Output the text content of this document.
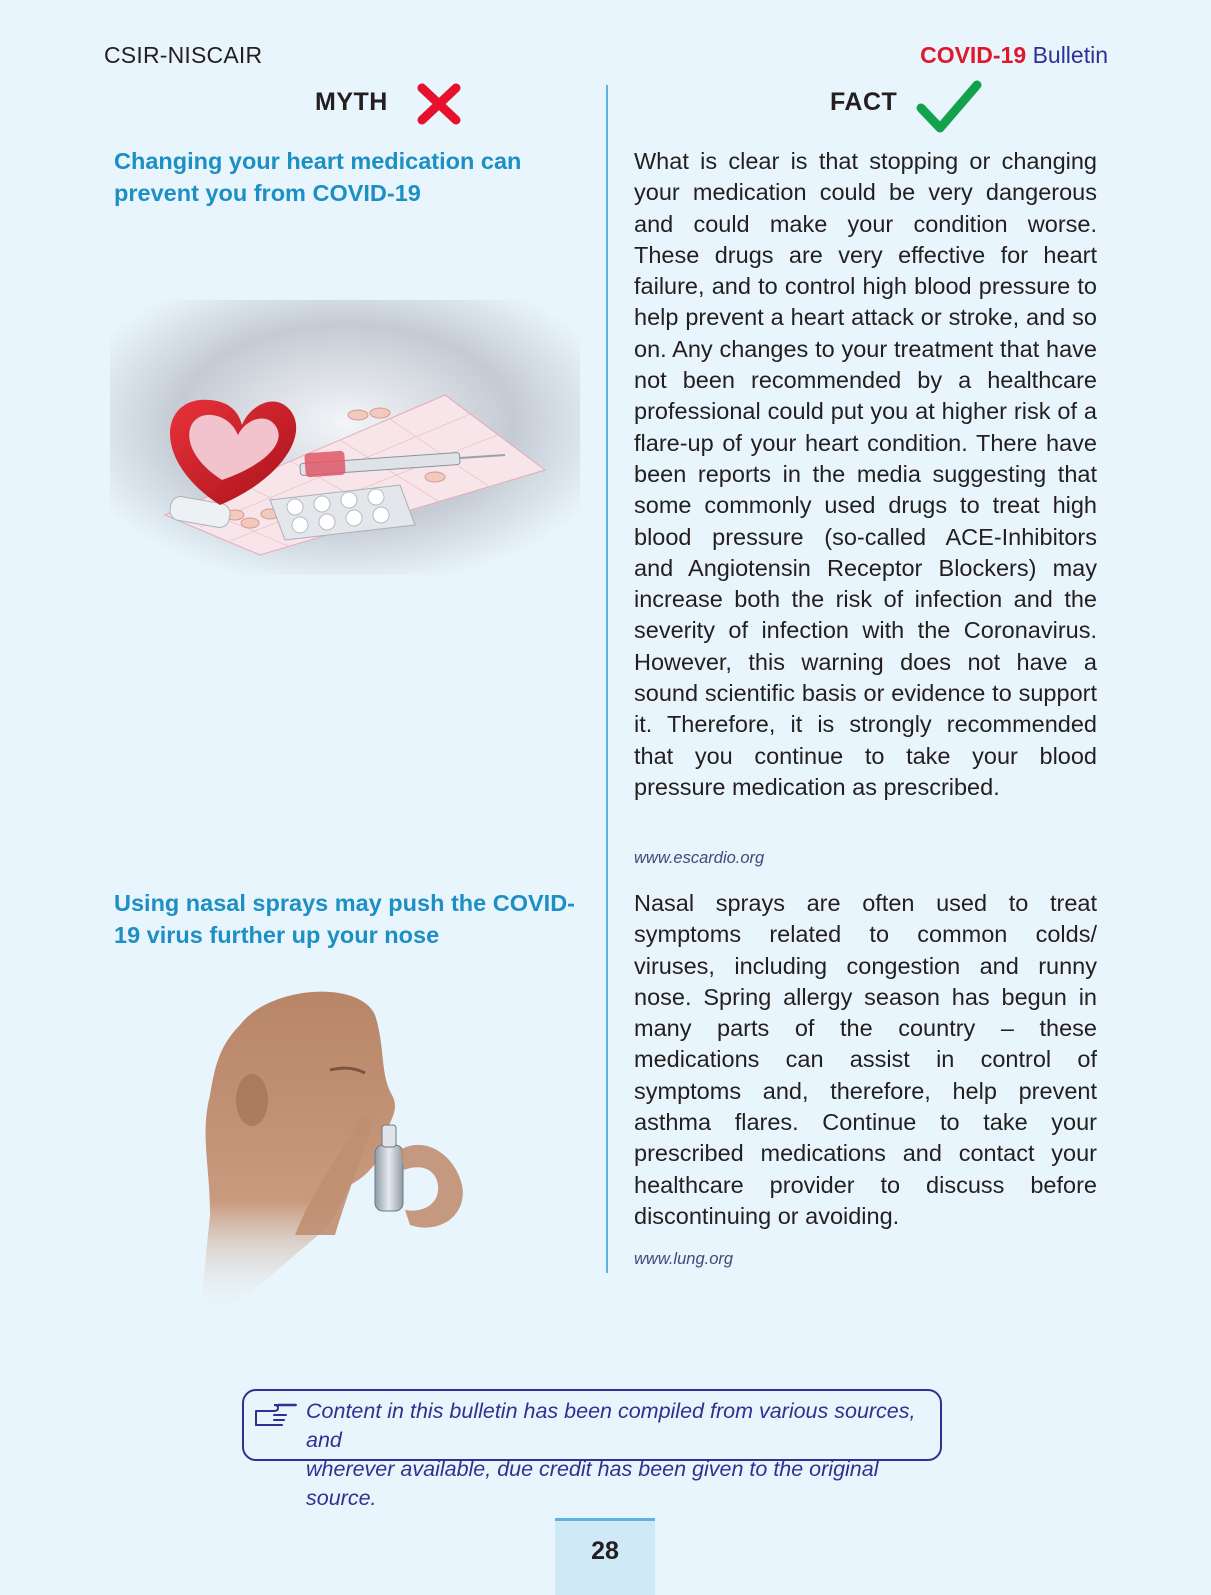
CSIR-NISCAIR	COVID-19 Bulletin
MYTH	FACT
Changing your heart medication can prevent you from COVID-19
What is clear is that stopping or changing your medication could be very dangerous and could make your condition worse. These drugs are very effective for heart failure, and to control high blood pressure to help prevent a heart attack or stroke, and so on. Any changes to your treatment that have not been recommended by a healthcare professional could put you at higher risk of a flare-up of your heart condition. There have been reports in the media suggesting that some commonly used drugs to treat high blood pressure (so-called ACE-Inhibitors and Angiotensin Receptor Blockers) may increase both the risk of infection and the severity of infection with the Coronavirus. However, this warning does not have a sound scientific basis or evidence to support it. Therefore, it is strongly recommended that you continue to take your blood pressure medication as prescribed.
www.escardio.org
Using nasal sprays may push the COVID-19 virus further up your nose
Nasal sprays are often used to treat symptoms related to common colds/ viruses, including congestion and runny nose. Spring allergy season has begun in many parts of the country – these medications can assist in control of symptoms and, therefore, help prevent asthma flares. Continue to take your prescribed medications and contact your healthcare provider to discuss before discontinuing or avoiding.
www.lung.org
Content in this bulletin has been compiled from various sources, and
wherever available, due credit has been given to the original source.
28
